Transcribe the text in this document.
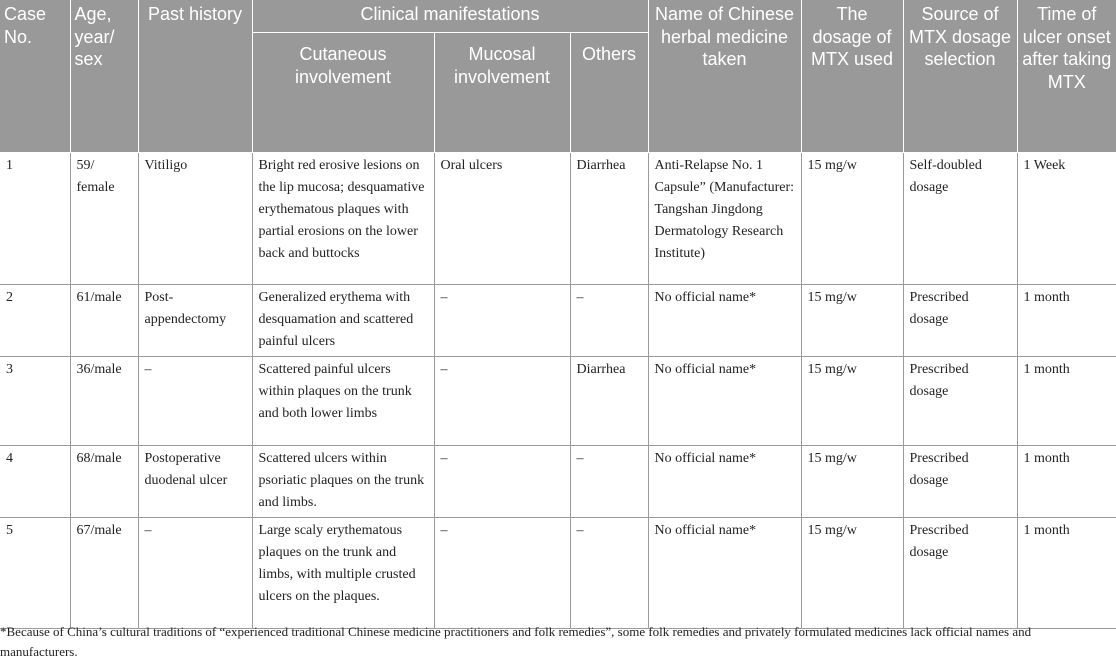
Case No.	Age, year/ sex	Past history	Clinical manifestations			Name of Chinese herbal medicine taken	The dosage of MTX used	Source of MTX dosage selection	Time of ulcer onset after taking MTX
			Cutaneous involvement	Mucosal involvement	Others				
1	59/ female	Vitiligo	Bright red erosive lesions on the lip mucosa; desquamative erythematous plaques with partial erosions on the lower back and buttocks	Oral ulcers	Diarrhea	Anti-Relapse No. 1 Capsule” (Manufacturer: Tangshan Jingdong Dermatology Research Institute)	15 mg/w	Self-doubled dosage	1 Week
2	61/male	Post-appendectomy	Generalized erythema with desquamation and scattered painful ulcers	–	–	No official name*	15 mg/w	Prescribed dosage	1 month
3	36/male	–	Scattered painful ulcers within plaques on the trunk and both lower limbs	–	Diarrhea	No official name*	15 mg/w	Prescribed dosage	1 month
4	68/male	Postoperative duodenal ulcer	Scattered ulcers within psoriatic plaques on the trunk and limbs.	–	–	No official name*	15 mg/w	Prescribed dosage	1 month
5	67/male	–	Large scaly erythematous plaques on the trunk and limbs, with multiple crusted ulcers on the plaques.	–	–	No official name*	15 mg/w	Prescribed dosage	1 month
*Because of China’s cultural traditions of “experienced traditional Chinese medicine practitioners and folk remedies”, some folk remedies and privately formulated medicines lack official names and manufacturers.
